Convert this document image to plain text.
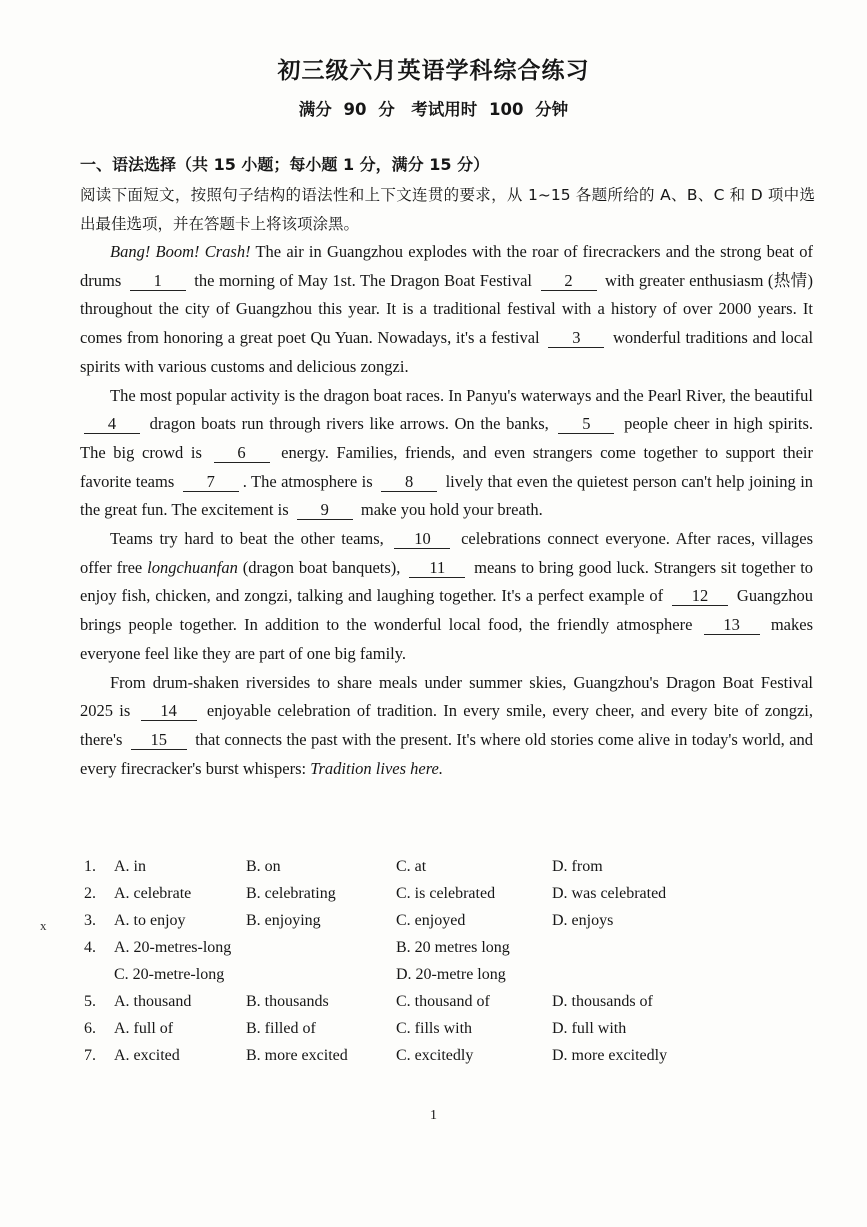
初三级六月英语学科综合练习
满分 90 分　考试用时 100 分钟
一、语法选择（共 15 小题；每小题 1 分，满分 15 分）
阅读下面短文，按照句子结构的语法性和上下文连贯的要求，从 1~15 各题所给的 A、B、C 和 D 项中选出最佳选项，并在答题卡上将该项涂黑。

Bang! Boom! Crash! The air in Guangzhou explodes with the roar of firecrackers and the strong beat of drums 1 the morning of May 1st. The Dragon Boat Festival 2 with greater enthusiasm (热情) throughout the city of Guangzhou this year. It is a traditional festival with a history of over 2000 years. It comes from honoring a great poet Qu Yuan. Nowadays, it's a festival 3 wonderful traditions and local spirits with various customs and delicious zongzi.

The most popular activity is the dragon boat races. In Panyu's waterways and the Pearl River, the beautiful 4 dragon boats run through rivers like arrows. On the banks, 5 people cheer in high spirits. The big crowd is 6 energy. Families, friends, and even strangers come together to support their favorite teams 7 . The atmosphere is 8 lively that even the quietest person can't help joining in the great fun. The excitement is 9 make you hold your breath.

Teams try hard to beat the other teams, 10 celebrations connect everyone. After races, villages offer free longchuanfan (dragon boat banquets), 11 means to bring good luck. Strangers sit together to enjoy fish, chicken, and zongzi, talking and laughing together. It's a perfect example of 12 Guangzhou brings people together. In addition to the wonderful local food, the friendly atmosphere 13 makes everyone feel like they are part of one big family.

From drum-shaken riversides to share meals under summer skies, Guangzhou's Dragon Boat Festival 2025 is 14 enjoyable celebration of tradition. In every smile, every cheer, and every bite of zongzi, there's 15 that connects the past with the present. It's where old stories come alive in today's world, and every firecracker's burst whispers: Tradition lives here.

x
1. A. in	B. on	C. at	D. from
2. A. celebrate	B. celebrating	C. is celebrated	D. was celebrated
3. A. to enjoy	B. enjoying	C. enjoyed	D. enjoys
4. A. 20-metres-long	B. 20 metres long
C. 20-metre-long	D. 20-metre long
5. A. thousand	B. thousands	C. thousand of	D. thousands of
6. A. full of	B. filled of	C. fills with	D. full with
7. A. excited	B. more excited	C. excitedly	D. more excitedly
1
